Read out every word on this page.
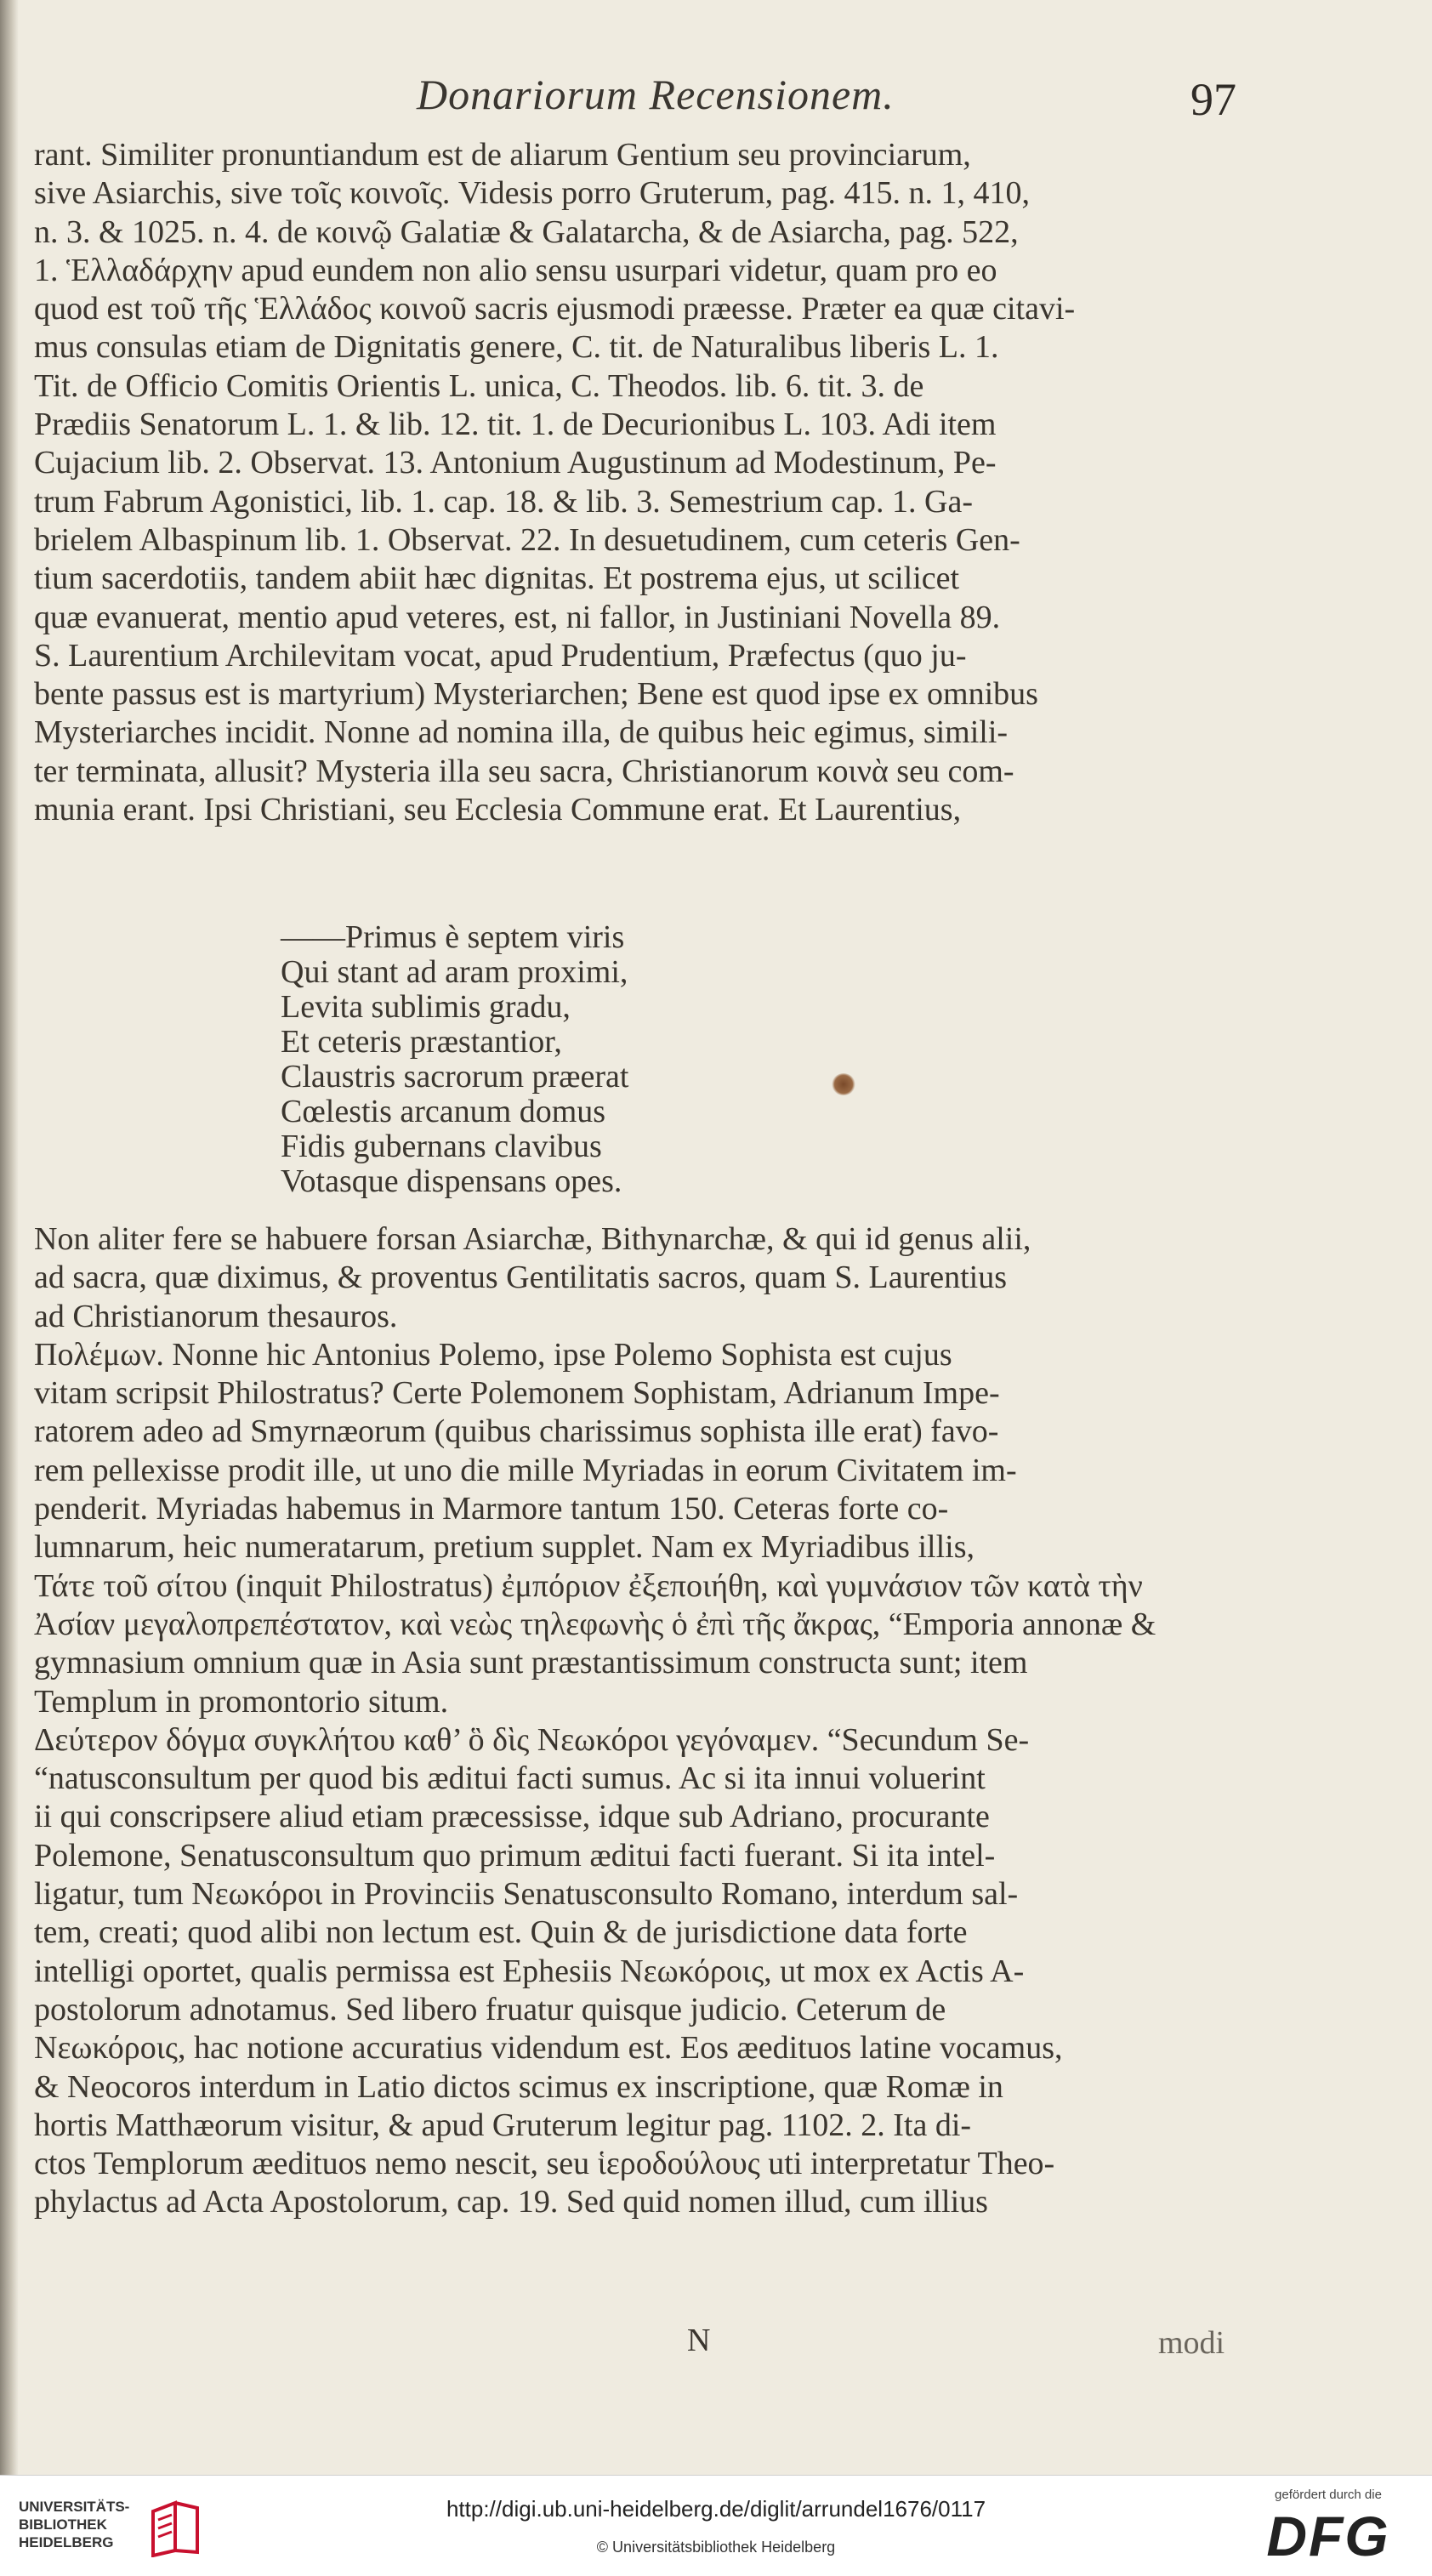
Donariorum Recensionem.	97

rant. Similiter pronuntiandum est de aliarum Gentium seu provinciarum,

sive Asiarchis, sive τοῖς κοινοῖς. Videsis porro Gruterum, pag. 415. n. 1, 410,

n. 3. & 1025. n. 4. de κοινῷ Galatiæ & Galatarcha, & de Asiarcha, pag. 522,

1. Ἑλλαδάρχην apud eundem non alio sensu usurpari videtur, quam pro eo

quod est τοῦ τῆς Ἑλλάδος κοινοῦ sacris ejusmodi præesse. Præter ea quæ citavi-

mus consulas etiam de Dignitatis genere, C. tit. de Naturalibus liberis L. 1.

Tit. de Officio Comitis Orientis L. unica, C. Theodos. lib. 6. tit. 3. de

Prædiis Senatorum L. 1. & lib. 12. tit. 1. de Decurionibus L. 103. Adi item

Cujacium lib. 2. Observat. 13. Antonium Augustinum ad Modestinum, Pe-

trum Fabrum Agonistici, lib. 1. cap. 18. & lib. 3. Semestrium cap. 1. Ga-

brielem Albaspinum lib. 1. Observat. 22. In desuetudinem, cum ceteris Gen-

tium sacerdotiis, tandem abiit hæc dignitas. Et postrema ejus, ut scilicet

quæ evanuerat, mentio apud veteres, est, ni fallor, in Justiniani Novella 89.

S. Laurentium Archilevitam vocat, apud Prudentium, Præfectus (quo ju-

bente passus est is martyrium) Mysteriarchen; Bene est quod ipse ex omnibus

Mysteriarches incidit. Nonne ad nomina illa, de quibus heic egimus, simili-

ter terminata, allusit? Mysteria illa seu sacra, Christianorum κοινὰ seu com-

munia erant. Ipsi Christiani, seu Ecclesia Commune erat. Et Laurentius,

——Primus è septem viris
Qui stant ad aram proximi,
Levita sublimis gradu,
Et ceteris præstantior,
Claustris sacrorum præerat
Cœlestis arcanum domus
Fidis gubernans clavibus
Votasque dispensans opes.

Non aliter fere se habuere forsan Asiarchæ, Bithynarchæ, & qui id genus alii,

ad sacra, quæ diximus, & proventus Gentilitatis sacros, quam S. Laurentius

ad Christianorum thesauros.

Πολέμων. Nonne hic Antonius Polemo, ipse Polemo Sophista est cujus

vitam scripsit Philostratus? Certe Polemonem Sophistam, Adrianum Impe-

ratorem adeo ad Smyrnæorum (quibus charissimus sophista ille erat) favo-

rem pellexisse prodit ille, ut uno die mille Myriadas in eorum Civitatem im-

penderit. Myriadas habemus in Marmore tantum 150. Ceteras forte co-

lumnarum, heic numeratarum, pretium supplet. Nam ex Myriadibus illis,

Τάτε τοῦ σίτου (inquit Philostratus) ἐμπόριον ἐξεποιήθη, καὶ γυμνάσιον τῶν κατὰ τὴν

Ἀσίαν μεγαλοπρεπέστατον, καὶ νεὼς τηλεφωνὴς ὁ ἐπὶ τῆς ἄκρας, “Emporia annonæ &

gymnasium omnium quæ in Asia sunt præstantissimum constructa sunt; item

Templum in promontorio situm.

Δεύτερον δόγμα συγκλήτου καθ’ ὃ δὶς Νεωκόροι γεγόναμεν. “Secundum Se-

“natusconsultum per quod bis æditui facti sumus. Ac si ita innui voluerint

ii qui conscripsere aliud etiam præcessisse, idque sub Adriano, procurante

Polemone, Senatusconsultum quo primum æditui facti fuerant. Si ita intel-

ligatur, tum Νεωκόροι in Provinciis Senatusconsulto Romano, interdum sal-

tem, creati; quod alibi non lectum est. Quin & de jurisdictione data forte

intelligi oportet, qualis permissa est Ephesiis Νεωκόροις, ut mox ex Actis A-

postolorum adnotamus. Sed libero fruatur quisque judicio. Ceterum de

Νεωκόροις, hac notione accuratius videndum est. Eos æedituos latine vocamus,

& Neocoros interdum in Latio dictos scimus ex inscriptione, quæ Romæ in

hortis Matthæorum visitur, & apud Gruterum legitur pag. 1102. 2. Ita di-

ctos Templorum æedituos nemo nescit, seu ἱεροδούλους uti interpretatur Theo-

phylactus ad Acta Apostolorum, cap. 19. Sed quid nomen illud, cum illius

N	modi
UNIVERSITÄTS-
BIBLIOTHEK
HEIDELBERG
http://digi.ub.uni-heidelberg.de/diglit/arrundel1676/0117
© Universitätsbibliothek Heidelberg
gefördert durch die
DFG
